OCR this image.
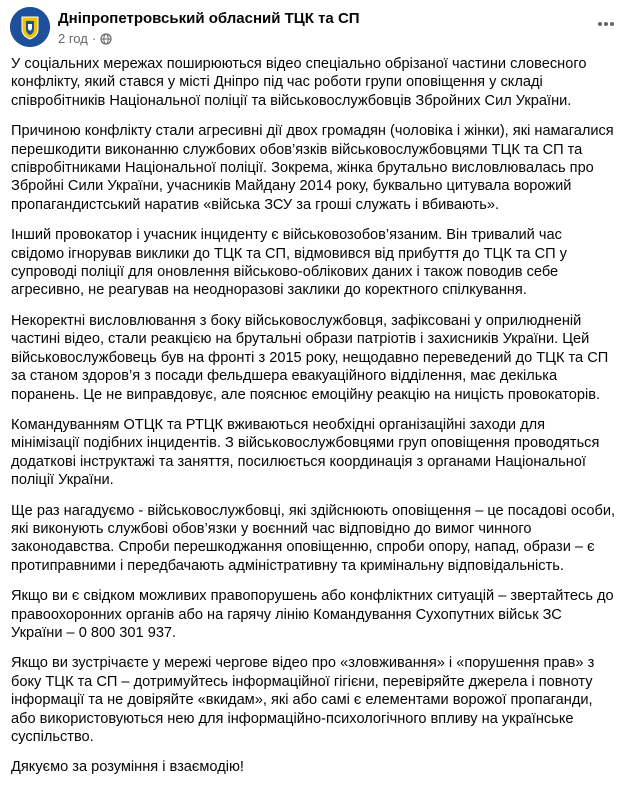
Дніпропетровський обласний ТЦК та СП
2 год ·

У соціальних мережах поширюються відео спеціально обрізаної частини словесного конфлікту, який стався у місті Дніпро під час роботи групи оповіщення у складі співробітників Національної поліції та військовослужбовців Збройних Сил України.

Причиною конфлікту стали агресивні дії двох громадян (чоловіка і жінки), які намагалися перешкодити виконанню службових обов’язків військовослужбовцями ТЦК та СП та співробітниками Національної поліції. Зокрема, жінка брутально висловлювалась про Збройні Сили України, учасників Майдану 2014 року, буквально цитувала ворожий пропагандистський наратив «війська ЗСУ за гроші служать і вбивають».

Інший провокатор і учасник інциденту є військовозобов’язаним. Він тривалий час свідомо ігнорував виклики до ТЦК та СП, відмовився від прибуття до ТЦК та СП у супроводі поліції для оновлення військово-облікових даних і також поводив себе агресивно, не реагував на неодноразові заклики до коректного спілкування.

Некоректні висловлювання з боку військовослужбовця, зафіксовані у оприлюдненій частині відео, стали реакцією на брутальні образи патріотів і захисників України. Цей військовослужбовець був на фронті з 2015 року, нещодавно переведений до ТЦК та СП за станом здоров’я з посади фельдшера евакуаційного відділення, має декілька поранень. Це не виправдовує, але пояснює емоційну реакцію на ницість провокаторів.

Командуванням ОТЦК та РТЦК вживаються необхідні організаційні заходи для мінімізації подібних інцидентів. З військовослужбовцями груп оповіщення проводяться додаткові інструктажі та заняття, посилюється координація з органами Національної поліції України.

Ще раз нагадуємо - військовослужбовці, які здійснюють оповіщення – це посадові особи, які виконують службові обов’язки у воєнний час відповідно до вимог чинного законодавства. Спроби перешкоджання оповіщенню, спроби опору, напад, образи – є протиправними і передбачають адміністративну та кримінальну відповідальність.

Якщо ви є свідком можливих правопорушень або конфліктних ситуацій – звертайтесь до правоохоронних органів або на гарячу лінію Командування Сухопутних військ ЗС України – 0 800 301 937.

Якщо ви зустрічаєте у мережі чергове відео про «зловживання» і «порушення прав» з боку ТЦК та СП – дотримуйтесь інформаційної гігієни, перевіряйте джерела і повноту інформації та не довіряйте «вкидам», які або самі є елементами ворожої пропаганди, або використовуються нею для інформаційно-психологічного впливу на українське суспільство.

Дякуємо за розуміння і взаємодію!
